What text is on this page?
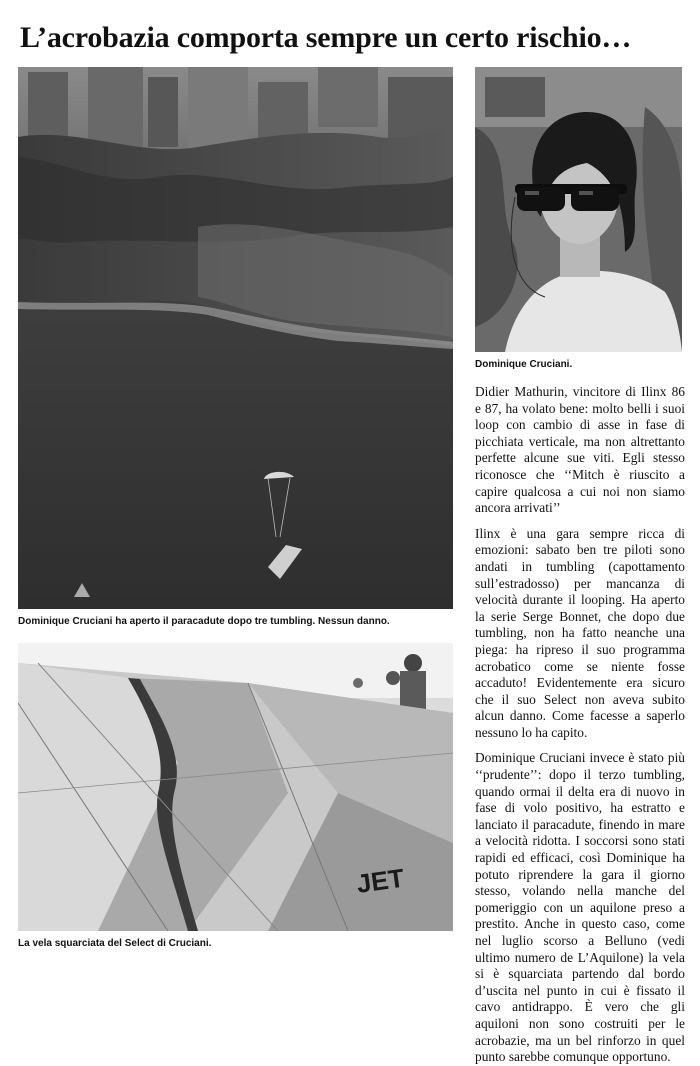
L’acrobazia comporta sempre un certo rischio…

Dominique Cruciani ha aperto il paracadute dopo tre tumbling. Nessun danno.

Dominique Cruciani.

JET

La vela squarciata del Select di Cruciani.

Didier Mathurin, vincitore di Ilinx 86 e 87, ha volato bene: molto belli i suoi loop con cambio di asse in fase di picchiata verticale, ma non altrettanto perfette alcune sue viti. Egli stesso riconosce che ‘‘Mitch è riuscito a capire qualcosa a cui noi non siamo ancora arrivati’’

Ilinx è una gara sempre ricca di emozioni: sabato ben tre piloti sono andati in tumbling (capottamento sull’estradosso) per mancanza di velocità durante il looping. Ha aperto la serie Serge Bonnet, che dopo due tumbling, non ha fatto neanche una piega: ha ripreso il suo programma acrobatico come se niente fosse accaduto! Evidentemente era sicuro che il suo Select non aveva subito alcun danno. Come facesse a saperlo nessuno lo ha capito.

Dominique Cruciani invece è stato più ‘‘prudente’’: dopo il terzo tumbling, quando ormai il delta era di nuovo in fase di volo positivo, ha estratto e lanciato il paracadute, finendo in mare a velocità ridotta. I soccorsi sono stati rapidi ed efficaci, così Dominique ha potuto riprendere la gara il giorno stesso, volando nella manche del pomeriggio con un aquilone preso a prestito. Anche in questo caso, come nel luglio scorso a Belluno (vedi ultimo numero de L’Aquilone) la vela si è squarciata partendo dal bordo d’uscita nel punto in cui è fissato il cavo antidrappo. È vero che gli aquiloni non sono costruiti per le acrobazie, ma un bel rinforzo in quel punto sarebbe comunque opportuno.
